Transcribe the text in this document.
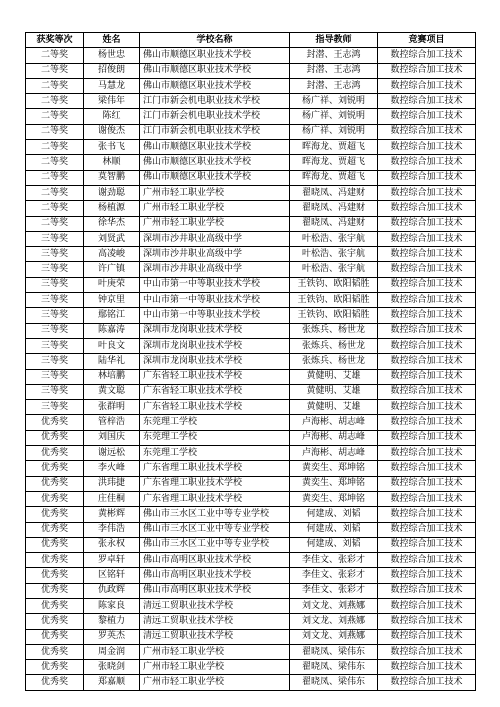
获奖等次	姓名	学校名称	指导教师	竞赛项目
二等奖	杨世忠	佛山市顺德区职业技术学校	封潜、王志鸿	数控综合加工技术
二等奖	招俊朗	佛山市顺德区职业技术学校	封潜、王志鸿	数控综合加工技术
二等奖	马慧龙	佛山市顺德区职业技术学校	封潜、王志鸿	数控综合加工技术
二等奖	梁伟年	江门市新会机电职业技术学校	杨广祥、刘锐明	数控综合加工技术
二等奖	陈红	江门市新会机电职业技术学校	杨广祥、刘锐明	数控综合加工技术
二等奖	谢俊杰	江门市新会机电职业技术学校	杨广祥、刘锐明	数控综合加工技术
二等奖	张书飞	佛山市顺德区职业技术学校	晖海龙、贾超飞	数控综合加工技术
二等奖	林顺	佛山市顺德区职业技术学校	晖海龙、贾超飞	数控综合加工技术
二等奖	莫智鹏	佛山市顺德区职业技术学校	晖海龙、贾超飞	数控综合加工技术
二等奖	谢劲聪	广州市轻工职业学校	翟晓凤、冯建财	数控综合加工技术
二等奖	杨植源	广州市轻工职业学校	翟晓凤、冯建财	数控综合加工技术
二等奖	徐华杰	广州市轻工职业学校	翟晓凤、冯建财	数控综合加工技术
三等奖	刘贤武	深圳市沙井职业高级中学	叶松浩、张宇航	数控综合加工技术
三等奖	高凌峻	深圳市沙井职业高级中学	叶松浩、张宇航	数控综合加工技术
三等奖	许广镇	深圳市沙井职业高级中学	叶松浩、张宇航	数控综合加工技术
三等奖	叶庚荣	中山市第一中等职业技术学校	王铁钧、欧阳韬胜	数控综合加工技术
三等奖	钟京里	中山市第一中等职业技术学校	王铁钧、欧阳韬胜	数控综合加工技术
三等奖	鄢铭江	中山市第一中等职业技术学校	王铁钧、欧阳韬胜	数控综合加工技术
三等奖	陈嘉涛	深圳市龙岗职业技术学校	张炼兵、杨世龙	数控综合加工技术
三等奖	叶良文	深圳市龙岗职业技术学校	张炼兵、杨世龙	数控综合加工技术
三等奖	陆华礼	深圳市龙岗职业技术学校	张炼兵、杨世龙	数控综合加工技术
三等奖	林培鹏	广东省轻工职业技术学校	黄健明、艾雄	数控综合加工技术
三等奖	黄文聪	广东省轻工职业技术学校	黄健明、艾雄	数控综合加工技术
三等奖	张群明	广东省轻工职业技术学校	黄健明、艾雄	数控综合加工技术
优秀奖	管梓浩	东莞理工学校	卢海彬、胡志峰	数控综合加工技术
优秀奖	刘国庆	东莞理工学校	卢海彬、胡志峰	数控综合加工技术
优秀奖	谢远松	东莞理工学校	卢海彬、胡志峰	数控综合加工技术
优秀奖	李火峰	广东省理工职业技术学校	黄奕生、郑坤铭	数控综合加工技术
优秀奖	洪玮捷	广东省理工职业技术学校	黄奕生、郑坤铭	数控综合加工技术
优秀奖	庄佳桐	广东省理工职业技术学校	黄奕生、郑坤铭	数控综合加工技术
优秀奖	黄彬辉	佛山市三水区工业中等专业学校	何建成、刘韬	数控综合加工技术
优秀奖	李伟浩	佛山市三水区工业中等专业学校	何建成、刘韬	数控综合加工技术
优秀奖	张永权	佛山市三水区工业中等专业学校	何建成、刘韬	数控综合加工技术
优秀奖	罗卓轩	佛山市高明区职业技术学校	李佳文、张彩才	数控综合加工技术
优秀奖	区铭轩	佛山市高明区职业技术学校	李佳文、张彩才	数控综合加工技术
优秀奖	仇政辉	佛山市高明区职业技术学校	李佳文、张彩才	数控综合加工技术
优秀奖	陈家良	清远工贸职业技术学校	刘文龙、刘燕娜	数控综合加工技术
优秀奖	黎植力	清远工贸职业技术学校	刘文龙、刘燕娜	数控综合加工技术
优秀奖	罗英杰	清远工贸职业技术学校	刘文龙、刘燕娜	数控综合加工技术
优秀奖	周金润	广州市轻工职业学校	翟晓凤、梁伟东	数控综合加工技术
优秀奖	张晓剑	广州市轻工职业学校	翟晓凤、梁伟东	数控综合加工技术
优秀奖	郑嘉顺	广州市轻工职业学校	翟晓凤、梁伟东	数控综合加工技术
